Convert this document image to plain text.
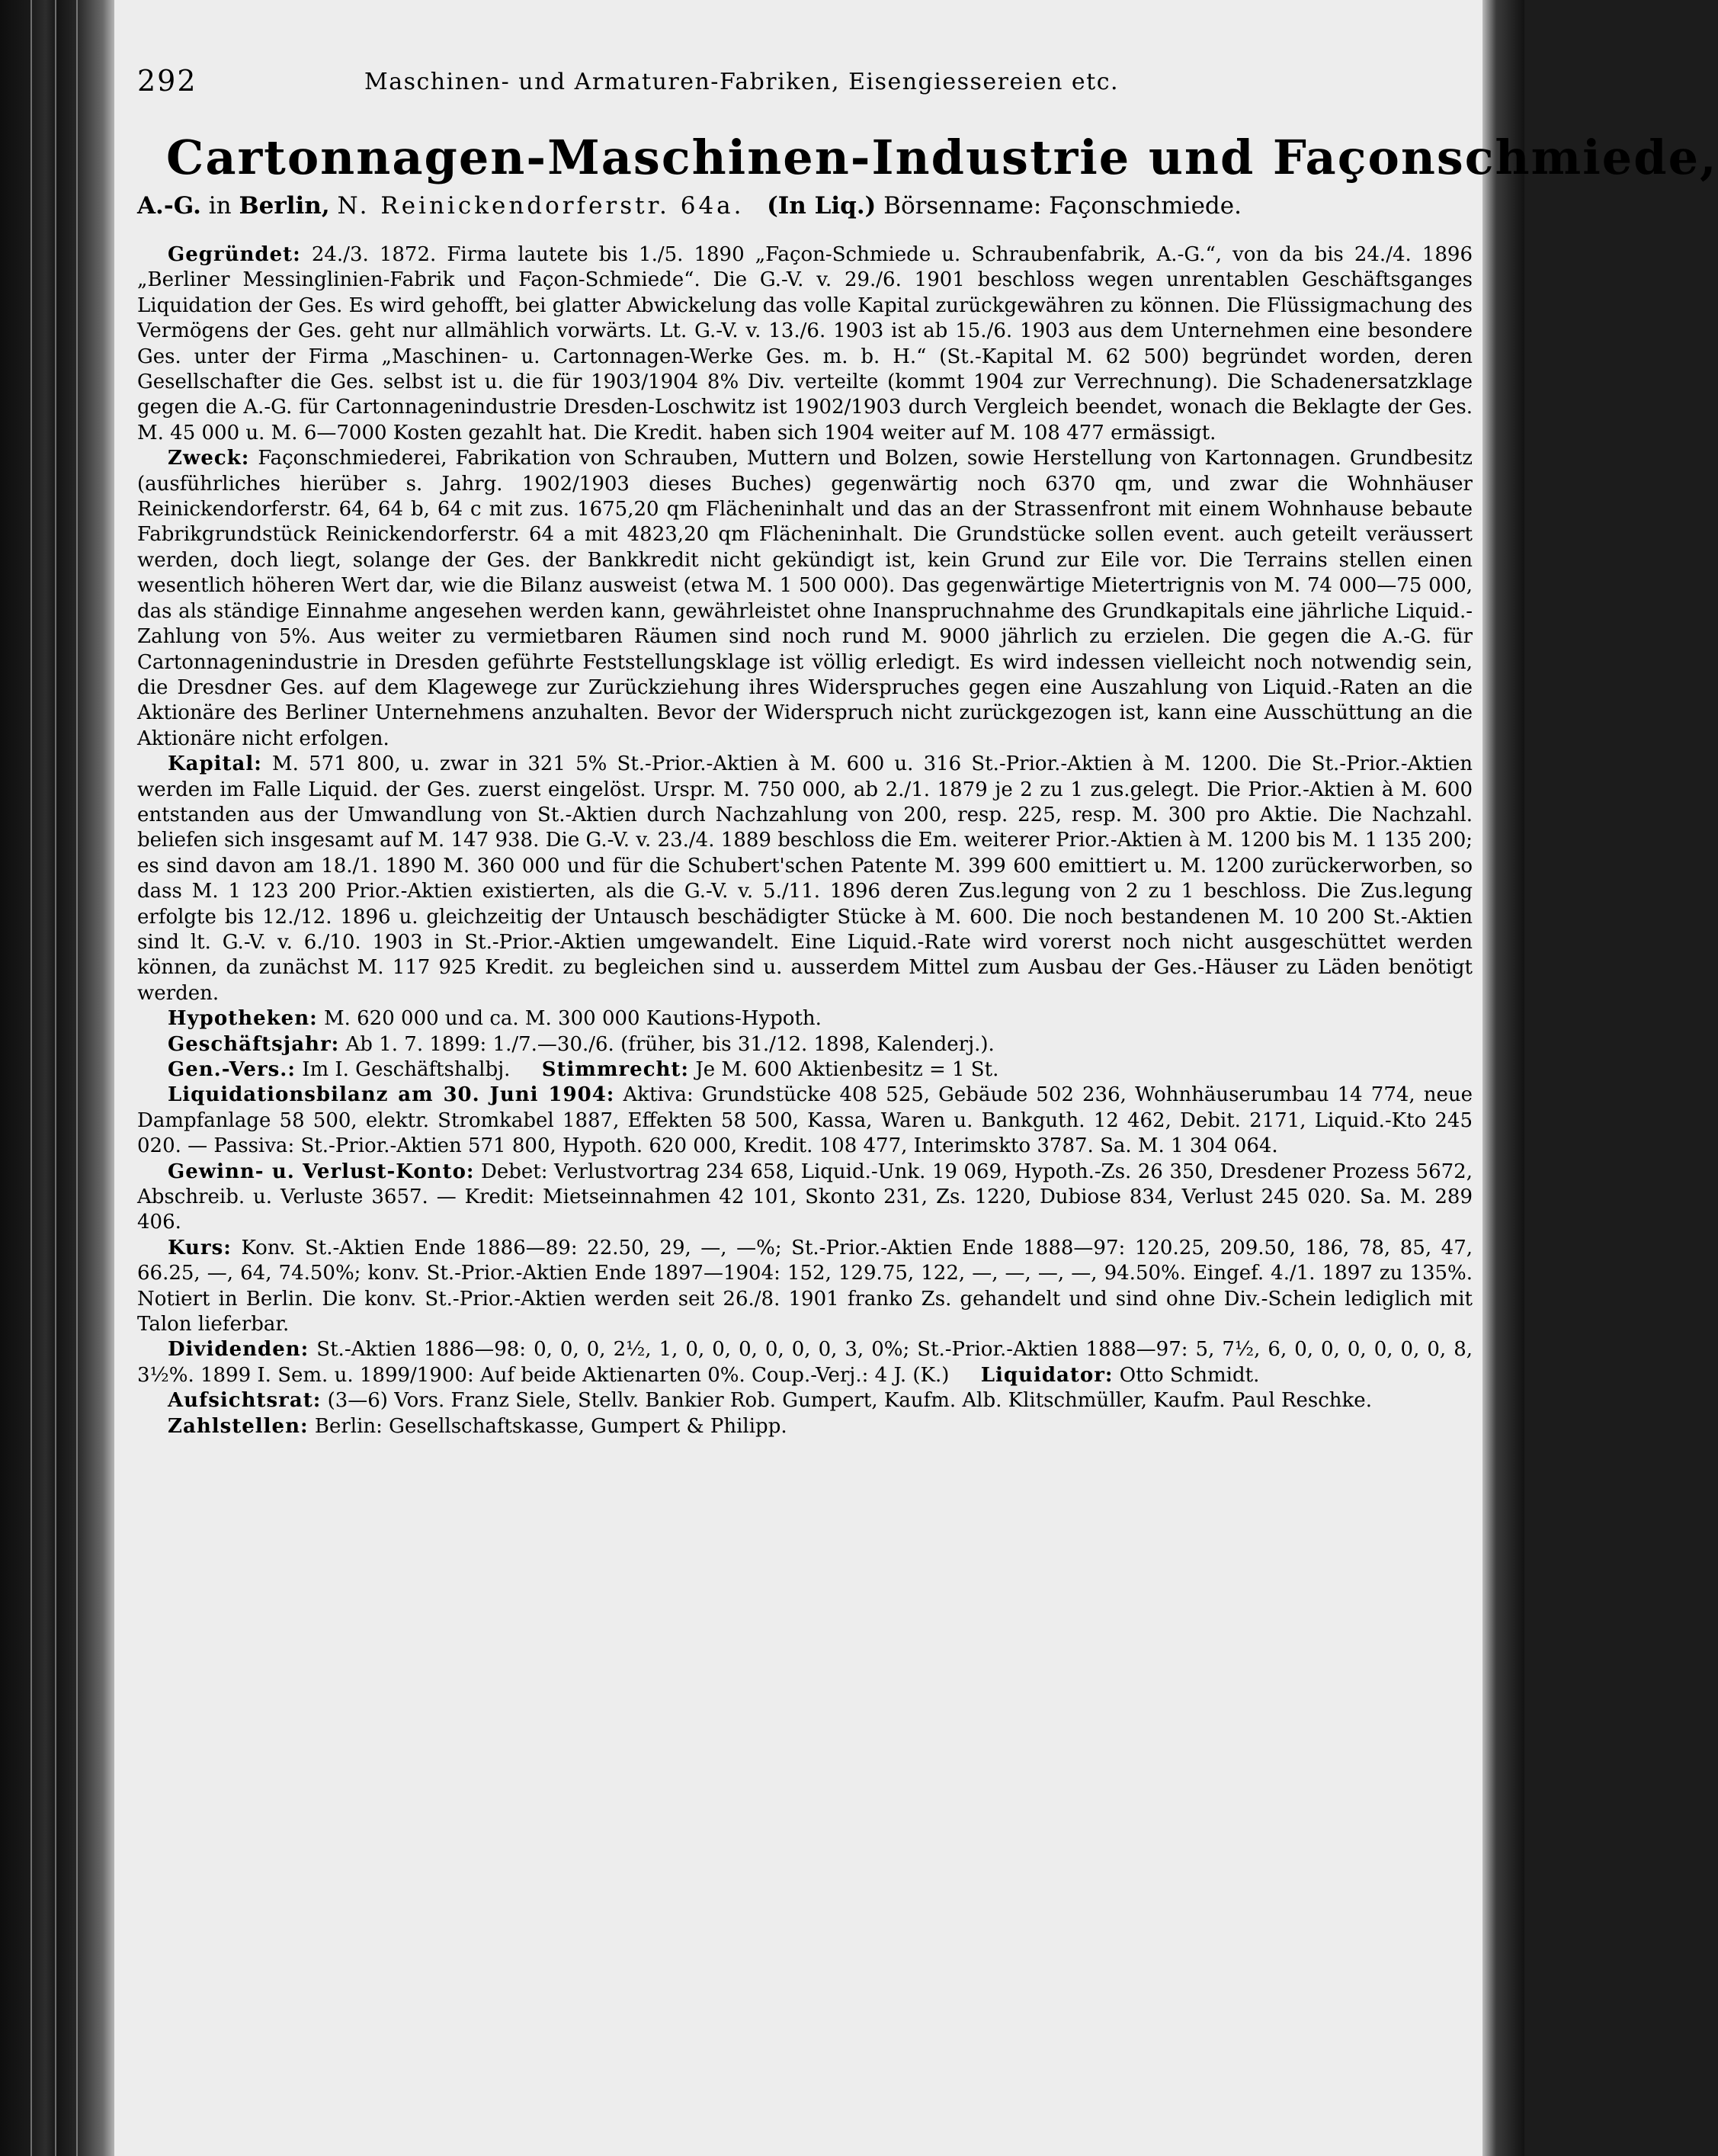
292	Maschinen- und Armaturen-Fabriken, Eisengiessereien etc.
Cartonnagen-Maschinen-Industrie und Façonschmiede,
A.-G. in Berlin, N. Reinickendorferstr. 64a. (In Liq.) Börsenname: Façonschmiede.

Gegründet: 24./3. 1872. Firma lautete bis 1./5. 1890 „Façon-Schmiede u. Schraubenfabrik, A.-G.“, von da bis 24./4. 1896 „Berliner Messinglinien-Fabrik und Façon-Schmiede“. Die G.-V. v. 29./6. 1901 beschloss wegen unrentablen Geschäftsganges Liquidation der Ges. Es wird gehofft, bei glatter Abwickelung das volle Kapital zurückgewähren zu können. Die Flüssigmachung des Vermögens der Ges. geht nur allmählich vorwärts. Lt. G.-V. v. 13./6. 1903 ist ab 15./6. 1903 aus dem Unternehmen eine besondere Ges. unter der Firma „Maschinen- u. Cartonnagen-Werke Ges. m. b. H.“ (St.-Kapital M. 62 500) begründet worden, deren Gesellschafter die Ges. selbst ist u. die für 1903/1904 8% Div. verteilte (kommt 1904 zur Verrechnung). Die Schadenersatzklage gegen die A.-G. für Cartonnagenindustrie Dresden-Loschwitz ist 1902/1903 durch Vergleich beendet, wonach die Beklagte der Ges. M. 45 000 u. M. 6—7000 Kosten gezahlt hat. Die Kredit. haben sich 1904 weiter auf M. 108 477 ermässigt.

Zweck: Façonschmiederei, Fabrikation von Schrauben, Muttern und Bolzen, sowie Herstellung von Kartonnagen. Grundbesitz (ausführliches hierüber s. Jahrg. 1902/1903 dieses Buches) gegenwärtig noch 6370 qm, und zwar die Wohnhäuser Reinickendorferstr. 64, 64 b, 64 c mit zus. 1675,20 qm Flächeninhalt und das an der Strassenfront mit einem Wohnhause bebaute Fabrikgrundstück Reinickendorferstr. 64 a mit 4823,20 qm Flächeninhalt. Die Grundstücke sollen event. auch geteilt veräussert werden, doch liegt, solange der Ges. der Bankkredit nicht gekündigt ist, kein Grund zur Eile vor. Die Terrains stellen einen wesentlich höheren Wert dar, wie die Bilanz ausweist (etwa M. 1 500 000). Das gegenwärtige Mietertrignis von M. 74 000—75 000, das als ständige Einnahme angesehen werden kann, gewährleistet ohne Inanspruchnahme des Grundkapitals eine jährliche Liquid.-Zahlung von 5%. Aus weiter zu vermietbaren Räumen sind noch rund M. 9000 jährlich zu erzielen. Die gegen die A.-G. für Cartonnagenindustrie in Dresden geführte Feststellungsklage ist völlig erledigt. Es wird indessen vielleicht noch notwendig sein, die Dresdner Ges. auf dem Klagewege zur Zurückziehung ihres Widerspruches gegen eine Auszahlung von Liquid.-Raten an die Aktionäre des Berliner Unternehmens anzuhalten. Bevor der Widerspruch nicht zurückgezogen ist, kann eine Ausschüttung an die Aktionäre nicht erfolgen.

Kapital: M. 571 800, u. zwar in 321 5% St.-Prior.-Aktien à M. 600 u. 316 St.-Prior.-Aktien à M. 1200. Die St.-Prior.-Aktien werden im Falle Liquid. der Ges. zuerst eingelöst. Urspr. M. 750 000, ab 2./1. 1879 je 2 zu 1 zus.gelegt. Die Prior.-Aktien à M. 600 entstanden aus der Umwandlung von St.-Aktien durch Nachzahlung von 200, resp. 225, resp. M. 300 pro Aktie. Die Nachzahl. beliefen sich insgesamt auf M. 147 938. Die G.-V. v. 23./4. 1889 beschloss die Em. weiterer Prior.-Aktien à M. 1200 bis M. 1 135 200; es sind davon am 18./1. 1890 M. 360 000 und für die Schubert'schen Patente M. 399 600 emittiert u. M. 1200 zurückerworben, so dass M. 1 123 200 Prior.-Aktien existierten, als die G.-V. v. 5./11. 1896 deren Zus.legung von 2 zu 1 beschloss. Die Zus.legung erfolgte bis 12./12. 1896 u. gleichzeitig der Untausch beschädigter Stücke à M. 600. Die noch bestandenen M. 10 200 St.-Aktien sind lt. G.-V. v. 6./10. 1903 in St.-Prior.-Aktien umgewandelt. Eine Liquid.-Rate wird vorerst noch nicht ausgeschüttet werden können, da zunächst M. 117 925 Kredit. zu begleichen sind u. ausserdem Mittel zum Ausbau der Ges.-Häuser zu Läden benötigt werden.

Hypotheken: M. 620 000 und ca. M. 300 000 Kautions-Hypoth.

Geschäftsjahr: Ab 1. 7. 1899: 1./7.—30./6. (früher, bis 31./12. 1898, Kalenderj.).

Gen.-Vers.: Im I. Geschäftshalbj. Stimmrecht: Je M. 600 Aktienbesitz = 1 St.

Liquidationsbilanz am 30. Juni 1904: Aktiva: Grundstücke 408 525, Gebäude 502 236, Wohnhäuserumbau 14 774, neue Dampfanlage 58 500, elektr. Stromkabel 1887, Effekten 58 500, Kassa, Waren u. Bankguth. 12 462, Debit. 2171, Liquid.-Kto 245 020. — Passiva: St.-Prior.-Aktien 571 800, Hypoth. 620 000, Kredit. 108 477, Interimskto 3787. Sa. M. 1 304 064.

Gewinn- u. Verlust-Konto: Debet: Verlustvortrag 234 658, Liquid.-Unk. 19 069, Hypoth.-Zs. 26 350, Dresdener Prozess 5672, Abschreib. u. Verluste 3657. — Kredit: Mietseinnahmen 42 101, Skonto 231, Zs. 1220, Dubiose 834, Verlust 245 020. Sa. M. 289 406.

Kurs: Konv. St.-Aktien Ende 1886—89: 22.50, 29, —, —%; St.-Prior.-Aktien Ende 1888—97: 120.25, 209.50, 186, 78, 85, 47, 66.25, —, 64, 74.50%; konv. St.-Prior.-Aktien Ende 1897—1904: 152, 129.75, 122, —, —, —, —, 94.50%. Eingef. 4./1. 1897 zu 135%. Notiert in Berlin. Die konv. St.-Prior.-Aktien werden seit 26./8. 1901 franko Zs. gehandelt und sind ohne Div.-Schein lediglich mit Talon lieferbar.

Dividenden: St.-Aktien 1886—98: 0, 0, 0, 2½, 1, 0, 0, 0, 0, 0, 0, 3, 0%; St.-Prior.-Aktien 1888—97: 5, 7½, 6, 0, 0, 0, 0, 0, 0, 8, 3½%. 1899 I. Sem. u. 1899/1900: Auf beide Aktienarten 0%. Coup.-Verj.: 4 J. (K.) Liquidator: Otto Schmidt.

Aufsichtsrat: (3—6) Vors. Franz Siele, Stellv. Bankier Rob. Gumpert, Kaufm. Alb. Klitschmüller, Kaufm. Paul Reschke.

Zahlstellen: Berlin: Gesellschaftskasse, Gumpert & Philipp.
